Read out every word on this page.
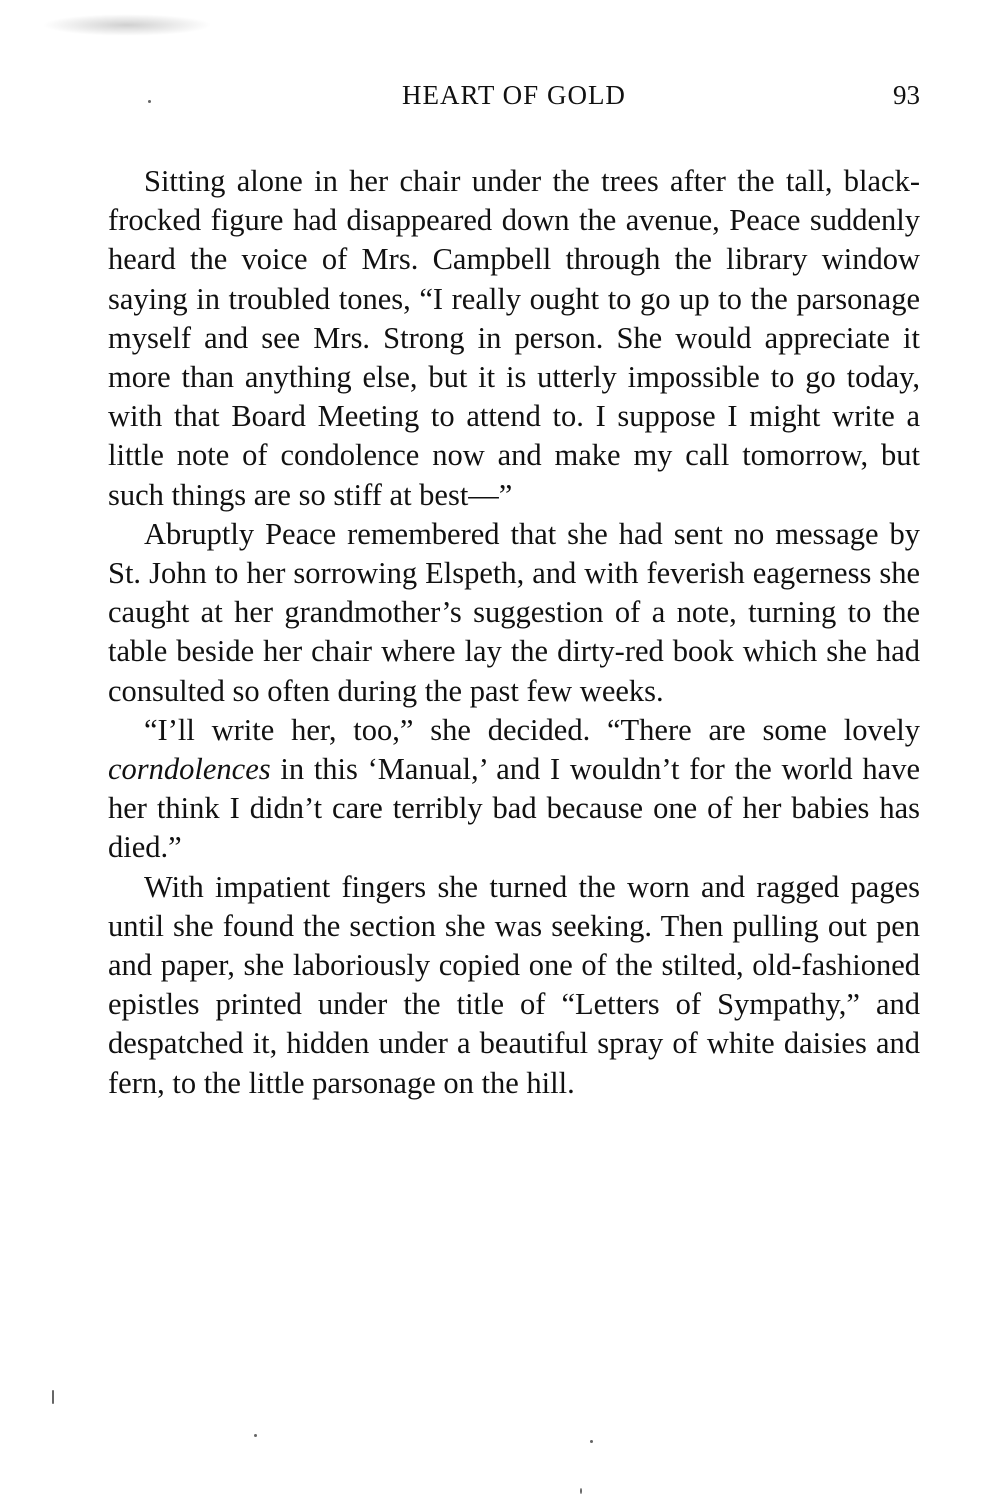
HEART OF GOLD	93

Sitting alone in her chair under the trees after the tall, black-frocked figure had disappeared down the avenue, Peace suddenly heard the voice of Mrs. Campbell through the library window saying in troubled tones, “I really ought to go up to the parsonage myself and see Mrs. Strong in person. She would appreciate it more than anything else, but it is utterly impossible to go today, with that Board Meeting to attend to. I suppose I might write a little note of condolence now and make my call tomorrow, but such things are so stiff at best—”

Abruptly Peace remembered that she had sent no message by St. John to her sorrowing Elspeth, and with feverish eagerness she caught at her grandmother’s suggestion of a note, turning to the table beside her chair where lay the dirty-red book which she had consulted so often during the past few weeks.

“I’ll write her, too,” she decided. “There are some lovely corndolences in this ‘Manual,’ and I wouldn’t for the world have her think I didn’t care terribly bad because one of her babies has died.”

With impatient fingers she turned the worn and ragged pages until she found the section she was seeking. Then pulling out pen and paper, she laboriously copied one of the stilted, old-fashioned epistles printed under the title of “Letters of Sympathy,” and despatched it, hidden under a beautiful spray of white daisies and fern, to the little parsonage on the hill.
